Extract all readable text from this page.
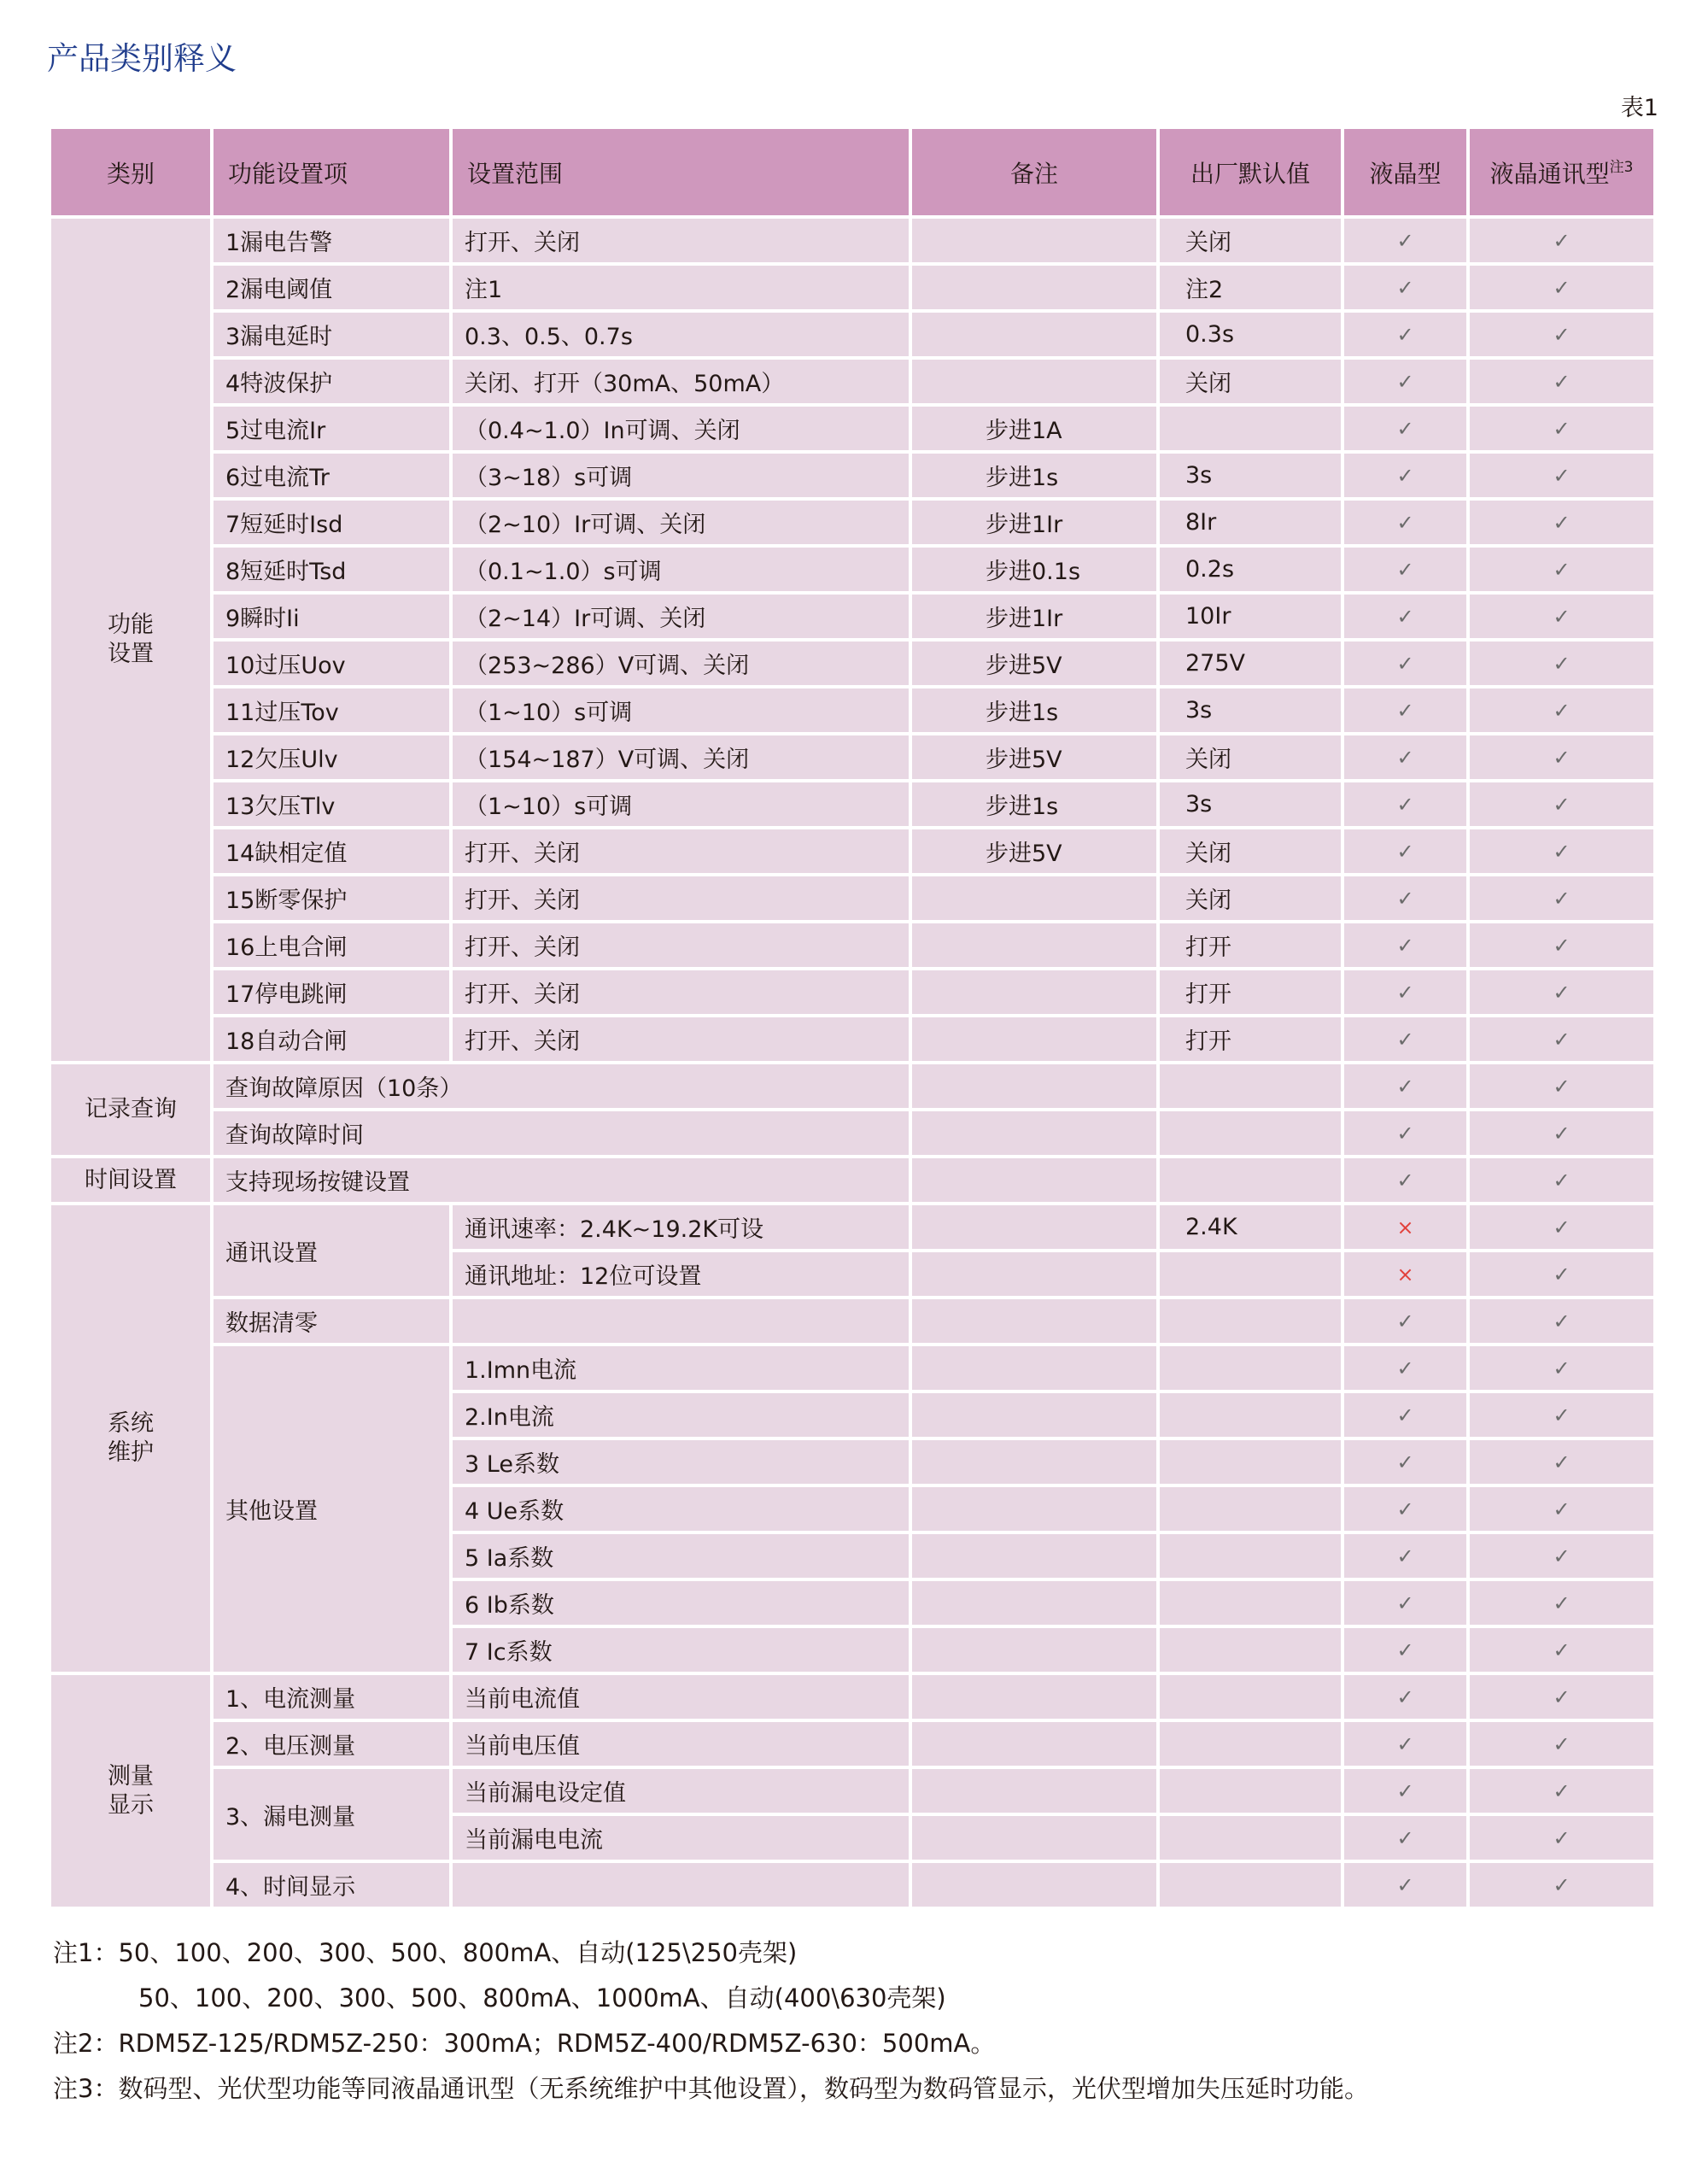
产品类别释义
表1
类别	功能设置项	设置范围	备注	出厂默认值	液晶型	液晶通讯型$^{注3}$
功能
设置	1漏电告警	打开、关闭		关闭	✓	✓
	2漏电阈值	注1		注2	✓	✓
	3漏电延时	0.3、0.5、0.7s		0.3s	✓	✓
	4特波保护	关闭、打开（30mA、50mA）		关闭	✓	✓
	5过电流Ir	（0.4~1.0）In可调、关闭	步进1A		✓	✓
	6过电流Tr	（3~18）s可调	步进1s	3s	✓	✓
	7短延时Isd	（2~10）Ir可调、关闭	步进1Ir	8Ir	✓	✓
	8短延时Tsd	（0.1~1.0）s可调	步进0.1s	0.2s	✓	✓
	9瞬时Ii	（2~14）Ir可调、关闭	步进1Ir	10Ir	✓	✓
	10过压Uov	（253~286）V可调、关闭	步进5V	275V	✓	✓
	11过压Tov	（1~10）s可调	步进1s	3s	✓	✓
	12欠压Ulv	（154~187）V可调、关闭	步进5V	关闭	✓	✓
	13欠压Tlv	（1~10）s可调	步进1s	3s	✓	✓
	14缺相定值	打开、关闭	步进5V	关闭	✓	✓
	15断零保护	打开、关闭		关闭	✓	✓
	16上电合闸	打开、关闭		打开	✓	✓
	17停电跳闸	打开、关闭		打开	✓	✓
	18自动合闸	打开、关闭		打开	✓	✓
记录查询	查询故障原因（10条）				✓	✓
	查询故障时间				✓	✓
时间设置	支持现场按键设置				✓	✓
系统
维护	通讯设置	通讯速率：2.4K~19.2K可设		2.4K	×	✓
		通讯地址：12位可设置			×	✓
	数据清零				✓	✓
	其他设置	1.Imn电流			✓	✓
		2.In电流			✓	✓
		3 Le系数			✓	✓
		4 Ue系数			✓	✓
		5 Ia系数			✓	✓
		6 Ib系数			✓	✓
		7 Ic系数			✓	✓
测量
显示	1、电流测量	当前电流值			✓	✓
	2、电压测量	当前电压值			✓	✓
	3、漏电测量	当前漏电设定值			✓	✓
		当前漏电电流			✓	✓
	4、时间显示				✓	✓
注1：50、100、200、300、500、800mA、自动(125\250壳架)
50、100、200、300、500、800mA、1000mA、自动(400\630壳架)
注2：RDM5Z-125/RDM5Z-250：300mA；RDM5Z-400/RDM5Z-630：500mA。
注3：数码型、光伏型功能等同液晶通讯型（无系统维护中其他设置），数码型为数码管显示，光伏型增加失压延时功能。
